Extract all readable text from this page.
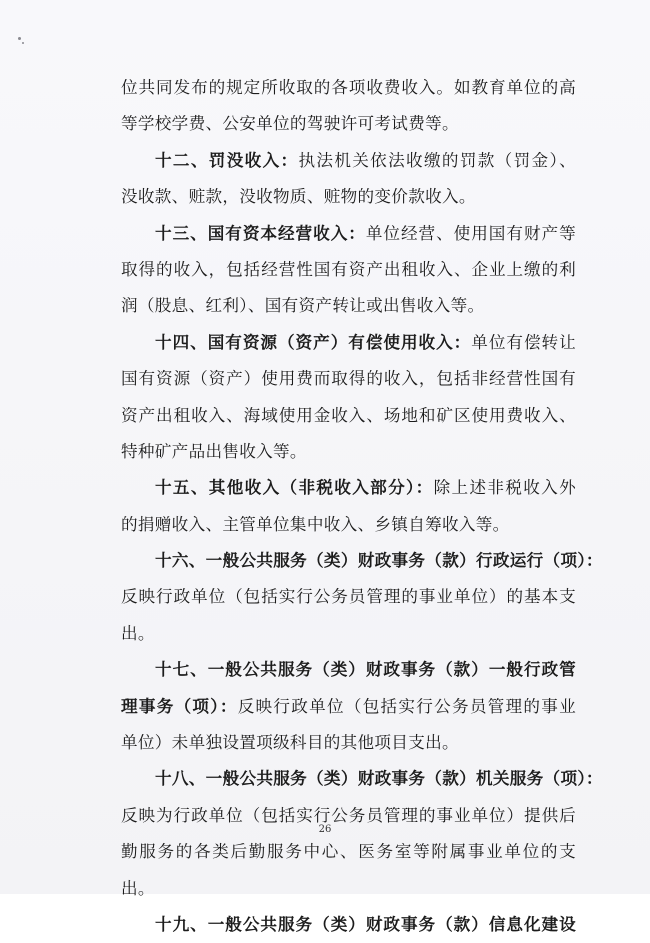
位共同发布的规定所收取的各项收费收入。如教育单位的高
等学校学费、公安单位的驾驶许可考试费等。
十二、罚没收入：执法机关依法收缴的罚款（罚金）、
没收款、赃款，没收物质、赃物的变价款收入。
十三、国有资本经营收入：单位经营、使用国有财产等
取得的收入，包括经营性国有资产出租收入、企业上缴的利
润（股息、红利）、国有资产转让或出售收入等。
十四、国有资源（资产）有偿使用收入：单位有偿转让
国有资源（资产）使用费而取得的收入，包括非经营性国有
资产出租收入、海域使用金收入、场地和矿区使用费收入、
特种矿产品出售收入等。
十五、其他收入（非税收入部分）：除上述非税收入外
的捐赠收入、主管单位集中收入、乡镇自筹收入等。
十六、一般公共服务（类）财政事务（款）行政运行（项）：
反映行政单位（包括实行公务员管理的事业单位）的基本支
出。
十七、一般公共服务（类）财政事务（款）一般行政管
理事务（项）：反映行政单位（包括实行公务员管理的事业
单位）未单独设置项级科目的其他项目支出。
十八、一般公共服务（类）财政事务（款）机关服务（项）：
反映为行政单位（包括实行公务员管理的事业单位）提供后
勤服务的各类后勤服务中心、医务室等附属事业单位的支
出。
十九、一般公共服务（类）财政事务（款）信息化建设
26
